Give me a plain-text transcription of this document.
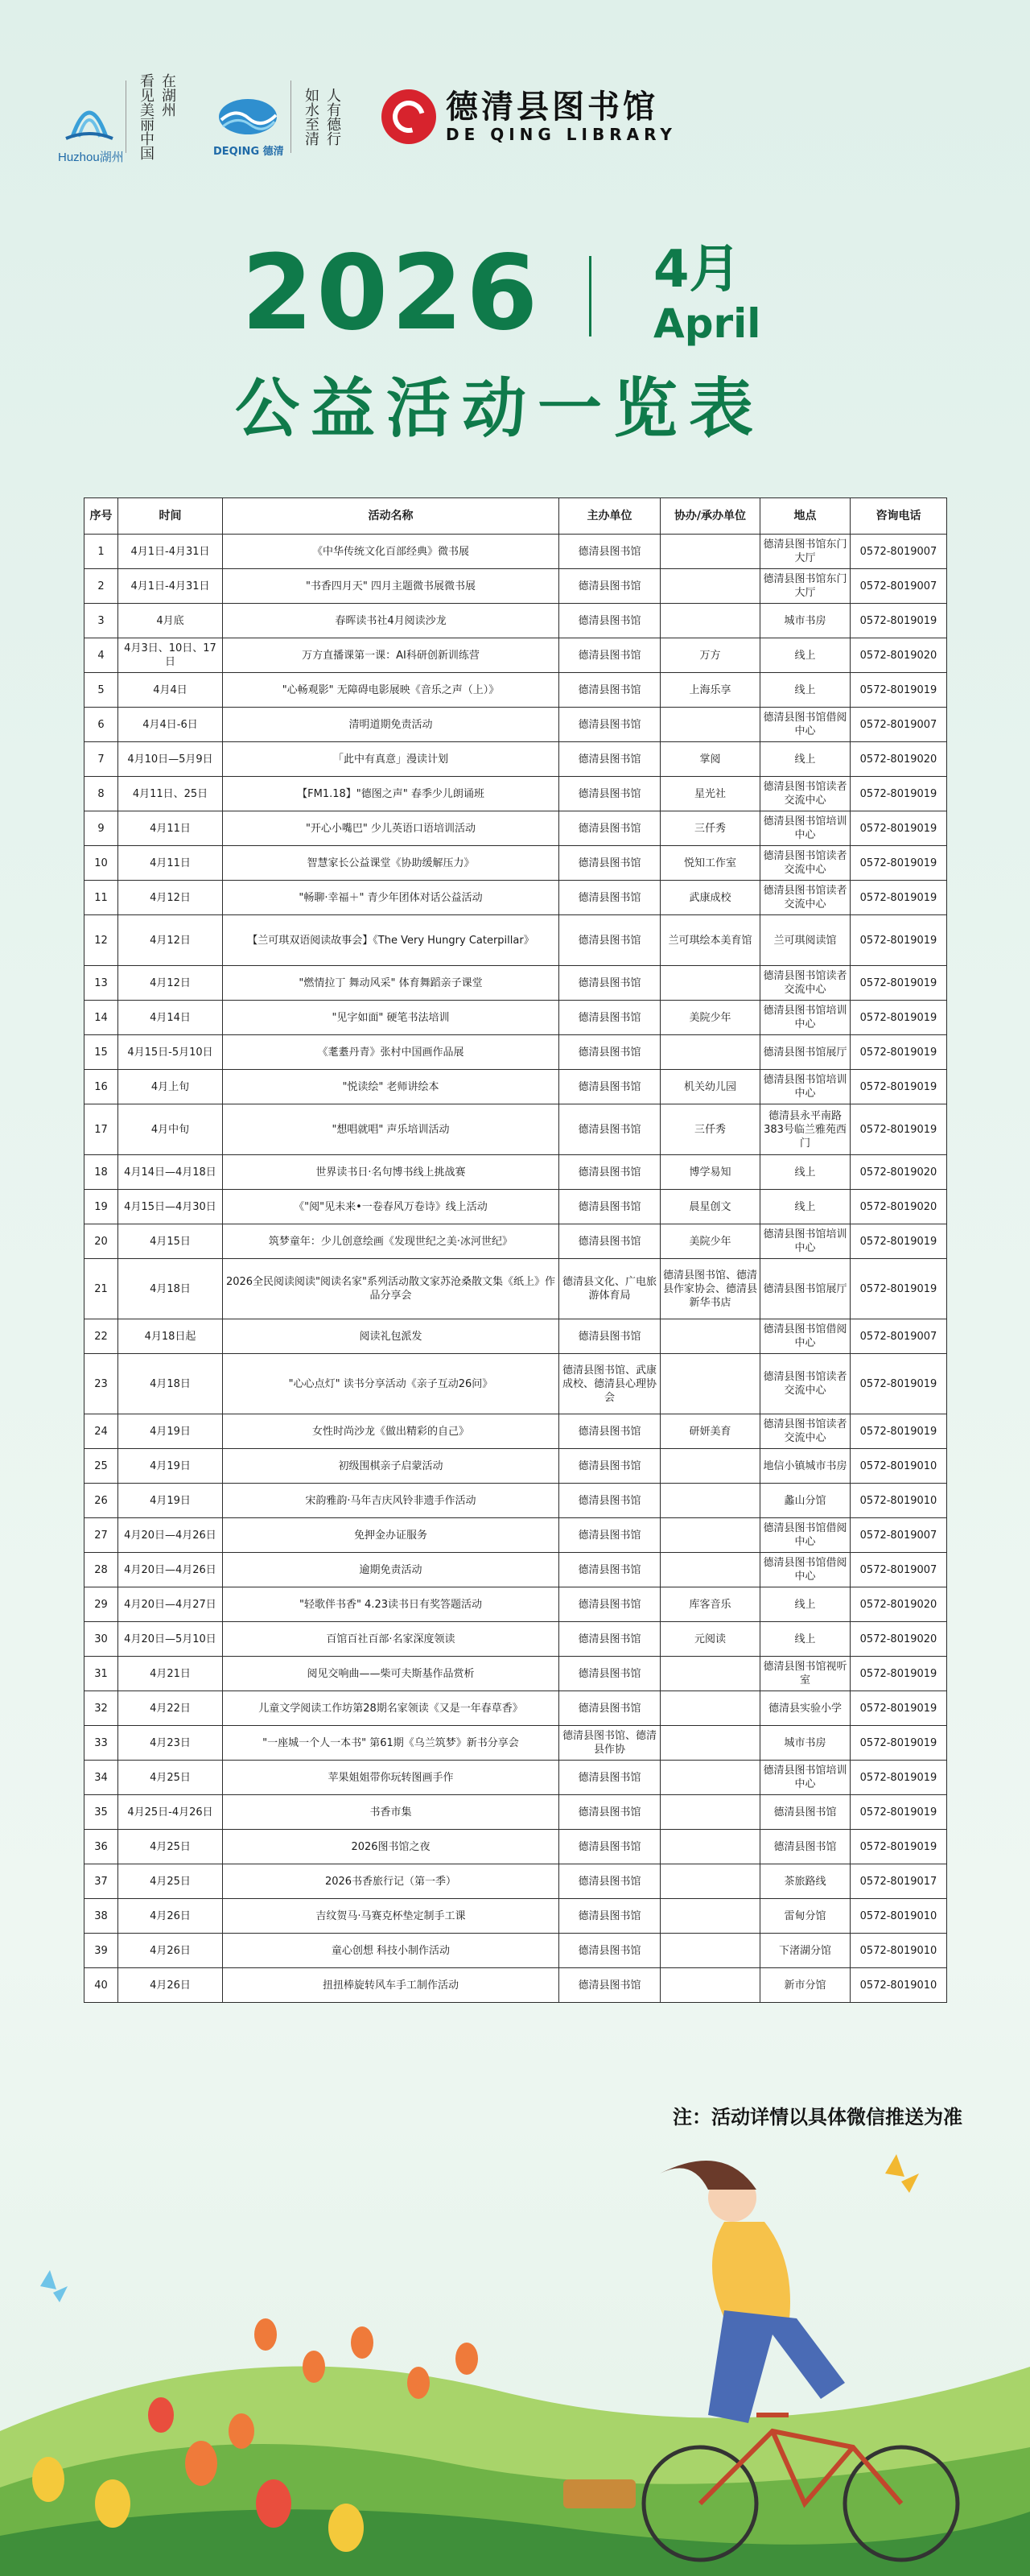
Huzhou湖州
在湖州
看见美丽中国	DEQING 德清
人有德行
如水至清	德清县图书馆
DE QING LIBRARY
2026 4月
April
公益活动一览表
序号	时间	活动名称	主办单位	协办/承办单位	地点	咨询电话
1	4月1日-4月31日	《中华传统文化百部经典》微书展	德清县图书馆		德清县图书馆东门大厅	0572-8019007
2	4月1日-4月31日	"书香四月天" 四月主题微书展微书展	德清县图书馆		德清县图书馆东门大厅	0572-8019007
3	4月底	春晖读书社4月阅读沙龙	德清县图书馆		城市书房	0572-8019019
4	4月3日、10日、17日	万方直播课第一课：AI科研创新训练营	德清县图书馆	万方	线上	0572-8019020
5	4月4日	"心畅观影" 无障碍电影展映《音乐之声（上）》	德清县图书馆	上海乐享	线上	0572-8019019
6	4月4日-6日	清明道期免责活动	德清县图书馆		德清县图书馆借阅中心	0572-8019007
7	4月10日—5月9日	「此中有真意」漫读计划	德清县图书馆	掌阅	线上	0572-8019020
8	4月11日、25日	【FM1.18】"德图之声" 春季少儿朗诵班	德清县图书馆	星光社	德清县图书馆读者交流中心	0572-8019019
9	4月11日	"开心小嘴巴" 少儿英语口语培训活动	德清县图书馆	三仟秀	德清县图书馆培训中心	0572-8019019
10	4月11日	智慧家长公益课堂《协助缓解压力》	德清县图书馆	悦知工作室	德清县图书馆读者交流中心	0572-8019019
11	4月12日	"畅聊·幸福＋" 青少年团体对话公益活动	德清县图书馆	武康成校	德清县图书馆读者交流中心	0572-8019019
12	4月12日	【兰可琪双语阅读故事会】《The Very Hungry Caterpillar》	德清县图书馆	兰可琪绘本美育馆	兰可琪阅读馆	0572-8019019
13	4月12日	"燃情拉丁 舞动风采" 体育舞蹈亲子课堂	德清县图书馆		德清县图书馆读者交流中心	0572-8019019
14	4月14日	"见字如面" 硬笔书法培训	德清县图书馆	美院少年	德清县图书馆培训中心	0572-8019019
15	4月15日-5月10日	《耄耋丹青》张村中国画作品展	德清县图书馆		德清县图书馆展厅	0572-8019019
16	4月上旬	"悦读绘" 老师讲绘本	德清县图书馆	机关幼儿园	德清县图书馆培训中心	0572-8019019
17	4月中旬	"想唱就唱" 声乐培训活动	德清县图书馆	三仟秀	德清县永平南路383号临兰雅苑西门	0572-8019019
18	4月14日—4月18日	世界读书日·名句博书线上挑战赛	德清县图书馆	博学易知	线上	0572-8019020
19	4月15日—4月30日	《"阅"见未来•一卷春风万卷诗》线上活动	德清县图书馆	晨星创文	线上	0572-8019020
20	4月15日	筑梦童年：少儿创意绘画《发现世纪之美·冰河世纪》	德清县图书馆	美院少年	德清县图书馆培训中心	0572-8019019
21	4月18日	2026全民阅读阅读"阅读名家"系列活动散文家苏沧桑散文集《纸上》作品分享会	德清县文化、广电旅游体育局	德清县图书馆、德清县作家协会、德清县新华书店	德清县图书馆展厅	0572-8019019
22	4月18日起	阅读礼包派发	德清县图书馆		德清县图书馆借阅中心	0572-8019007
23	4月18日	"心心点灯" 读书分享活动《亲子互动26问》	德清县图书馆、武康成校、德清县心理协会		德清县图书馆读者交流中心	0572-8019019
24	4月19日	女性时尚沙龙《做出精彩的自己》	德清县图书馆	研妍美育	德清县图书馆读者交流中心	0572-8019019
25	4月19日	初级围棋亲子启蒙活动	德清县图书馆		地信小镇城市书房	0572-8019010
26	4月19日	宋韵雅韵·马年吉庆风铃非遗手作活动	德清县图书馆		蠡山分馆	0572-8019010
27	4月20日—4月26日	免押金办证服务	德清县图书馆		德清县图书馆借阅中心	0572-8019007
28	4月20日—4月26日	逾期免责活动	德清县图书馆		德清县图书馆借阅中心	0572-8019007
29	4月20日—4月27日	"轻歌伴书香" 4.23读书日有奖答题活动	德清县图书馆	库客音乐	线上	0572-8019020
30	4月20日—5月10日	百馆百社百部·名家深度领读	德清县图书馆	元阅读	线上	0572-8019020
31	4月21日	阅见交响曲——柴可夫斯基作品赏析	德清县图书馆		德清县图书馆视听室	0572-8019019
32	4月22日	儿童文学阅读工作坊第28期名家领读《又是一年春草香》	德清县图书馆		德清县实验小学	0572-8019019
33	4月23日	"一座城一个人一本书" 第61期《乌兰筑梦》新书分享会	德清县图书馆、德清县作协		城市书房	0572-8019019
34	4月25日	苹果姐姐带你玩转图画手作	德清县图书馆		德清县图书馆培训中心	0572-8019019
35	4月25日-4月26日	书香市集	德清县图书馆		德清县图书馆	0572-8019019
36	4月25日	2026图书馆之夜	德清县图书馆		德清县图书馆	0572-8019019
37	4月25日	2026书香旅行记（第一季）	德清县图书馆		茶旅路线	0572-8019017
38	4月26日	吉纹贺马·马赛克杯垫定制手工课	德清县图书馆		雷甸分馆	0572-8019010
39	4月26日	童心创想 科技小制作活动	德清县图书馆		下渚湖分馆	0572-8019010
40	4月26日	扭扭棒旋转风车手工制作活动	德清县图书馆		新市分馆	0572-8019010
注：活动详情以具体微信推送为准
